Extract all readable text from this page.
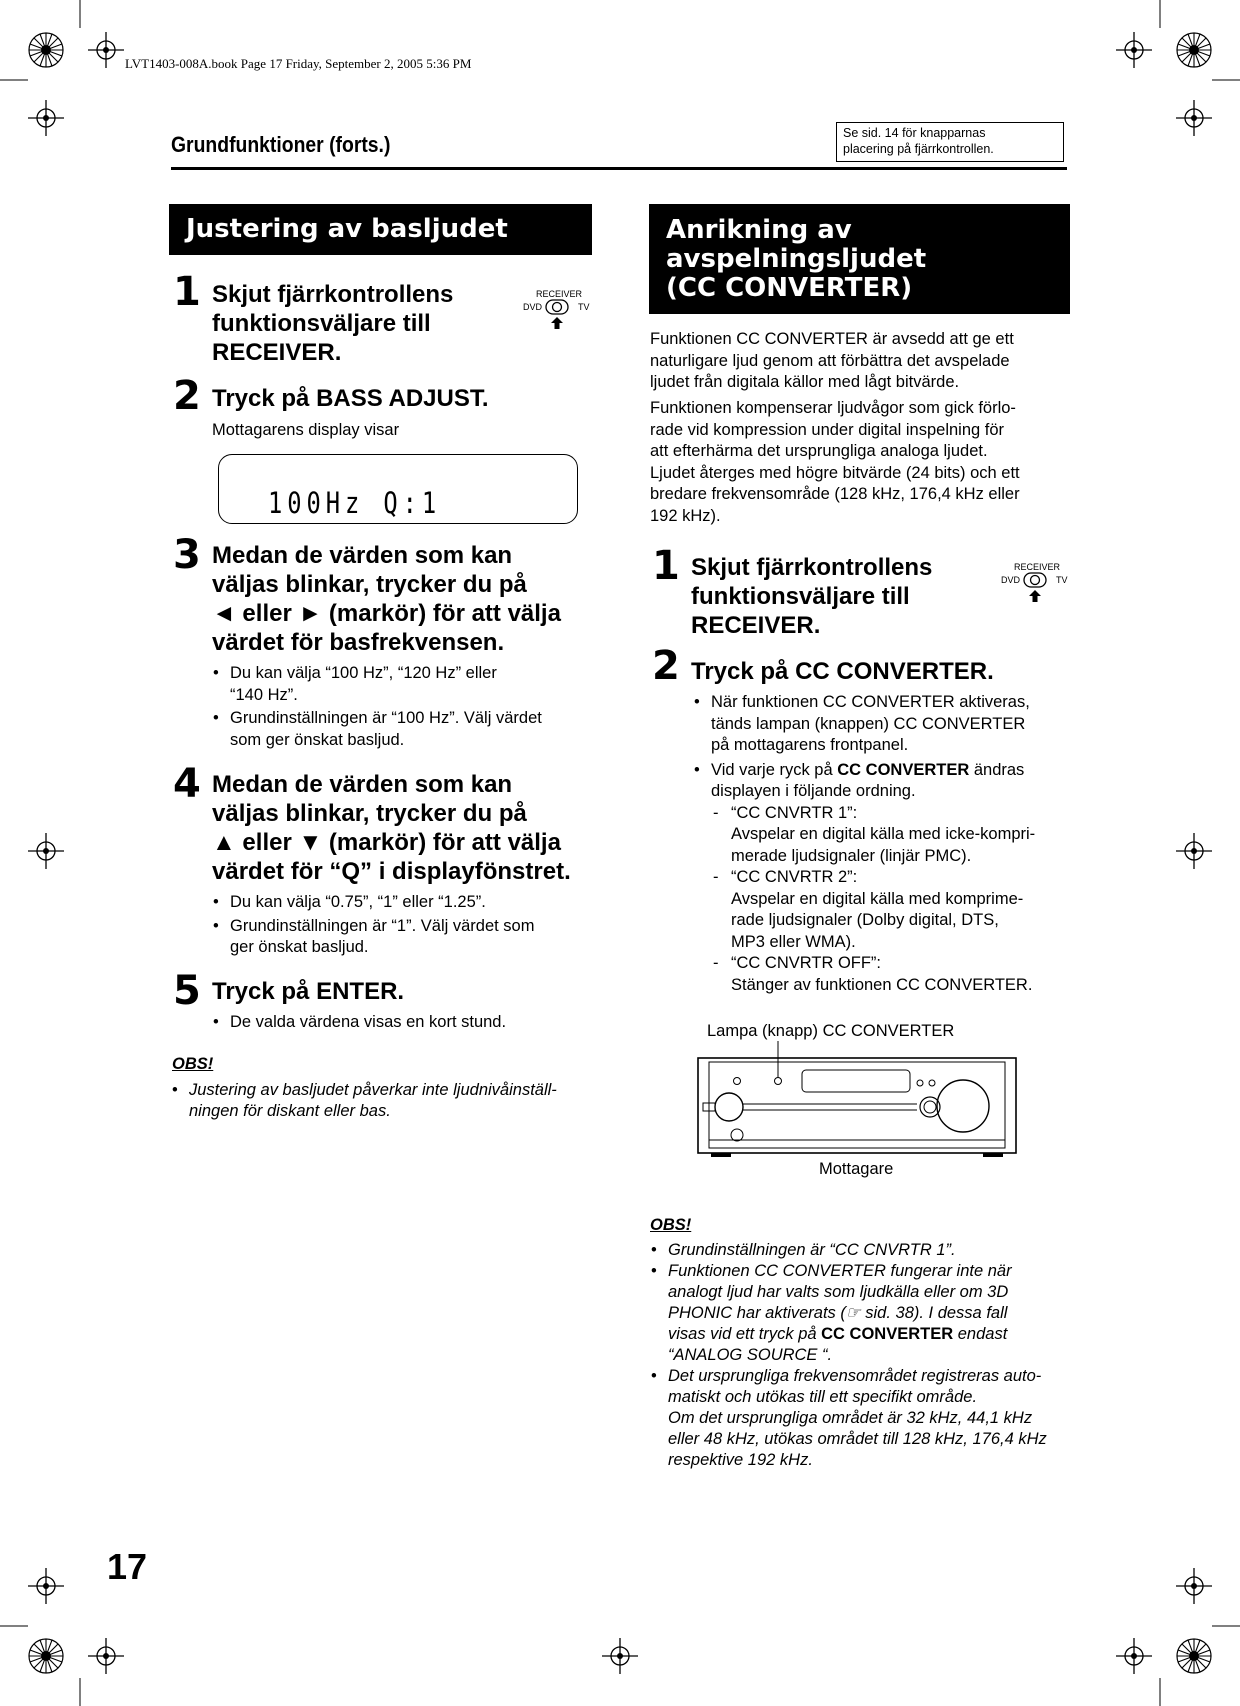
LVT1403-008A.book Page 17 Friday, September 2, 2005 5:36 PM
Grundfunktioner (forts.)	Se sid. 14 för knapparnas
placering på fjärrkontrollen.
Justering av basljudet
1 Skjut fjärrkontrollens
funktionsväljare till
RECEIVER.
RECEIVER
DVD	TV
2 Tryck på BASS ADJUST.
Mottagarens display visar
100Hz Q:1
3 Medan de värden som kan
väljas blinkar, trycker du på
◄ eller ► (markör) för att välja
värdet för basfrekvensen.
• Du kan välja “100 Hz”, “120 Hz” eller
“140 Hz”.
• Grundinställningen är “100 Hz”. Välj värdet
som ger önskat basljud.
4 Medan de värden som kan
väljas blinkar, trycker du på
▲ eller ▼ (markör) för att välja
värdet för “Q” i displayfönstret.
• Du kan välja “0.75”, “1” eller “1.25”.
• Grundinställningen är “1”. Välj värdet som
ger önskat basljud.
5 Tryck på ENTER.
• De valda värdena visas en kort stund.
OBS!
• Justering av basljudet påverkar inte ljudnivåinställ-
ningen för diskant eller bas.
Anrikning av
avspelningsljudet
(CC CONVERTER)
Funktionen CC CONVERTER är avsedd att ge ett
naturligare ljud genom att förbättra det avspelade
ljudet från digitala källor med lågt bitvärde.
Funktionen kompenserar ljudvågor som gick förlo-
rade vid kompression under digital inspelning för
att efterhärma det ursprungliga analoga ljudet.
Ljudet återges med högre bitvärde (24 bits) och ett
bredare frekvensområde (128 kHz, 176,4 kHz eller
192 kHz).
1 Skjut fjärrkontrollens
funktionsväljare till
RECEIVER.
RECEIVER
DVD	TV
2 Tryck på CC CONVERTER.
• När funktionen CC CONVERTER aktiveras,
tänds lampan (knappen) CC CONVERTER
på mottagarens frontpanel.
• Vid varje ryck på CC CONVERTER ändras
displayen i följande ordning.
- “CC CNVRTR 1”:
Avspelar en digital källa med icke-kompri-
merade ljudsignaler (linjär PMC).
- “CC CNVRTR 2”:
Avspelar en digital källa med komprime-
rade ljudsignaler (Dolby digital, DTS,
MP3 eller WMA).
- “CC CNVRTR OFF”:
Stänger av funktionen CC CONVERTER.
Lampa (knapp) CC CONVERTER
Mottagare
OBS!
• Grundinställningen är “CC CNVRTR 1”.
• Funktionen CC CONVERTER fungerar inte när
analogt ljud har valts som ljudkälla eller om 3D
PHONIC har aktiverats (☞ sid. 38). I dessa fall
visas vid ett tryck på CC CONVERTER endast
“ANALOG SOURCE “.
• Det ursprungliga frekvensområdet registreras auto-
matiskt och utökas till ett specifikt område.
Om det ursprungliga området är 32 kHz, 44,1 kHz
eller 48 kHz, utökas området till 128 kHz, 176,4 kHz
respektive 192 kHz.
17
